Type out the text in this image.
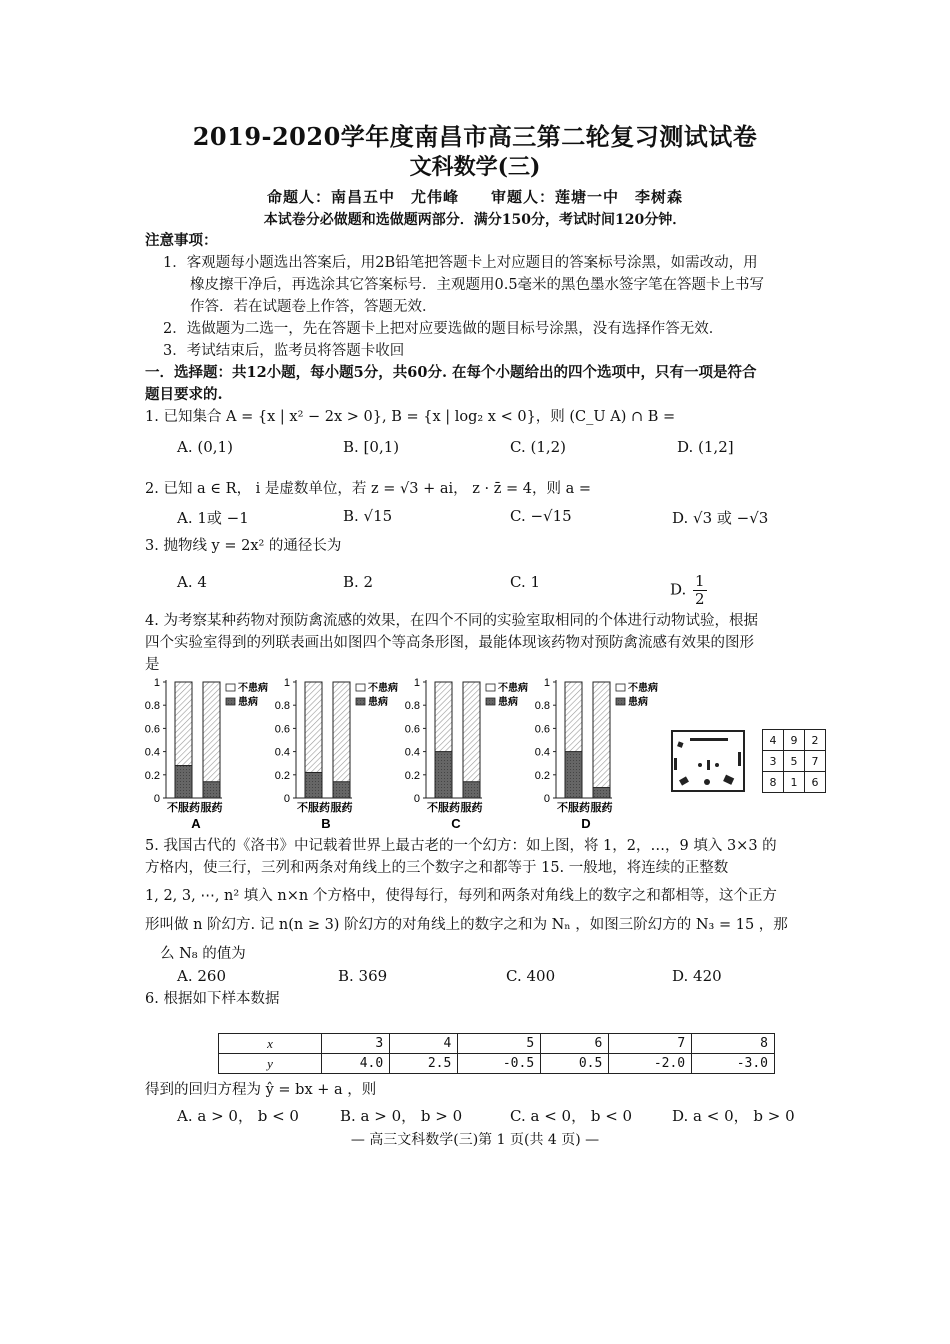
2019-2020学年度南昌市高三第二轮复习测试试卷
文科数学(三)
命题人：南昌五中　尤伟峰　　审题人：莲塘一中　李树森
本试卷分必做题和选做题两部分．满分150分，考试时间120分钟．
注意事项：
1．客观题每小题选出答案后，用2B铅笔把答题卡上对应题目的答案标号涂黑，如需改动，用
橡皮擦干净后，再选涂其它答案标号．主观题用0.5毫米的黑色墨水签字笔在答题卡上书写
作答．若在试题卷上作答，答题无效．
2．选做题为二选一，先在答题卡上把对应要选做的题目标号涂黑，没有选择作答无效．
3．考试结束后，监考员将答题卡收回
一．选择题：共12小题，每小题5分，共60分. 在每个小题给出的四个选项中，只有一项是符合
题目要求的.
1. 已知集合 A = {x | x² − 2x > 0}, B = {x | log₂ x < 0}，则 (C_U A) ∩ B =
A. (0,1)	B. [0,1)	C. (1,2)	D. (1,2]
2. 已知 a ∈ R， i 是虚数单位，若 z = √3 + ai， z · z̄ = 4，则 a =
A. 1或 −1	B. √15	C. −√15	D. √3 或 −√3
3. 抛物线 y = 2x² 的通径长为
A. 4	B. 2	C. 1	D. $\frac{1}{2}$
4. 为考察某种药物对预防禽流感的效果，在四个不同的实验室取相同的个体进行动物试验，根据
四个实验室得到的列联表画出如图四个等高条形图，最能体现该药物对预防禽流感有效果的图形
是
0
0.2
0.4
0.6
0.8
1
不服药 服药
不患病
患病
A
0
0.2
0.4
0.6
0.8
1
不服药 服药
不患病
患病
B
0
0.2
0.4
0.6
0.8
1
不服药 服药
不患病
患病
C
0
0.2
0.4
0.6
0.8
1
不服药 服药
不患病
患病
D
4	9	2
3	5	7
8	1	6
5. 我国古代的《洛书》中记载着世界上最古老的一个幻方：如上图，将 1，2，…，9 填入 3×3 的
方格内，使三行，三列和两条对角线上的三个数字之和都等于 15. 一般地，将连续的正整数
1, 2, 3, ⋯, n² 填入 n×n 个方格中，使得每行，每列和两条对角线上的数字之和都相等，这个正方
形叫做 n 阶幻方. 记 n(n ≥ 3) 阶幻方的对角线上的数字之和为 Nₙ ，如图三阶幻方的 N₃ = 15 ，那
么 N₈ 的值为
A. 260	B. 369	C. 400	D. 420
6. 根据如下样本数据
x	3	4	5	6	7	8
y	4.0	2.5	-0.5	0.5	-2.0	-3.0
得到的回归方程为 ŷ = bx + a ，则
A. a > 0， b < 0	B. a > 0， b > 0	C. a < 0， b < 0	D. a < 0， b > 0
— 高三文科数学(三)第 1 页(共 4 页) —
